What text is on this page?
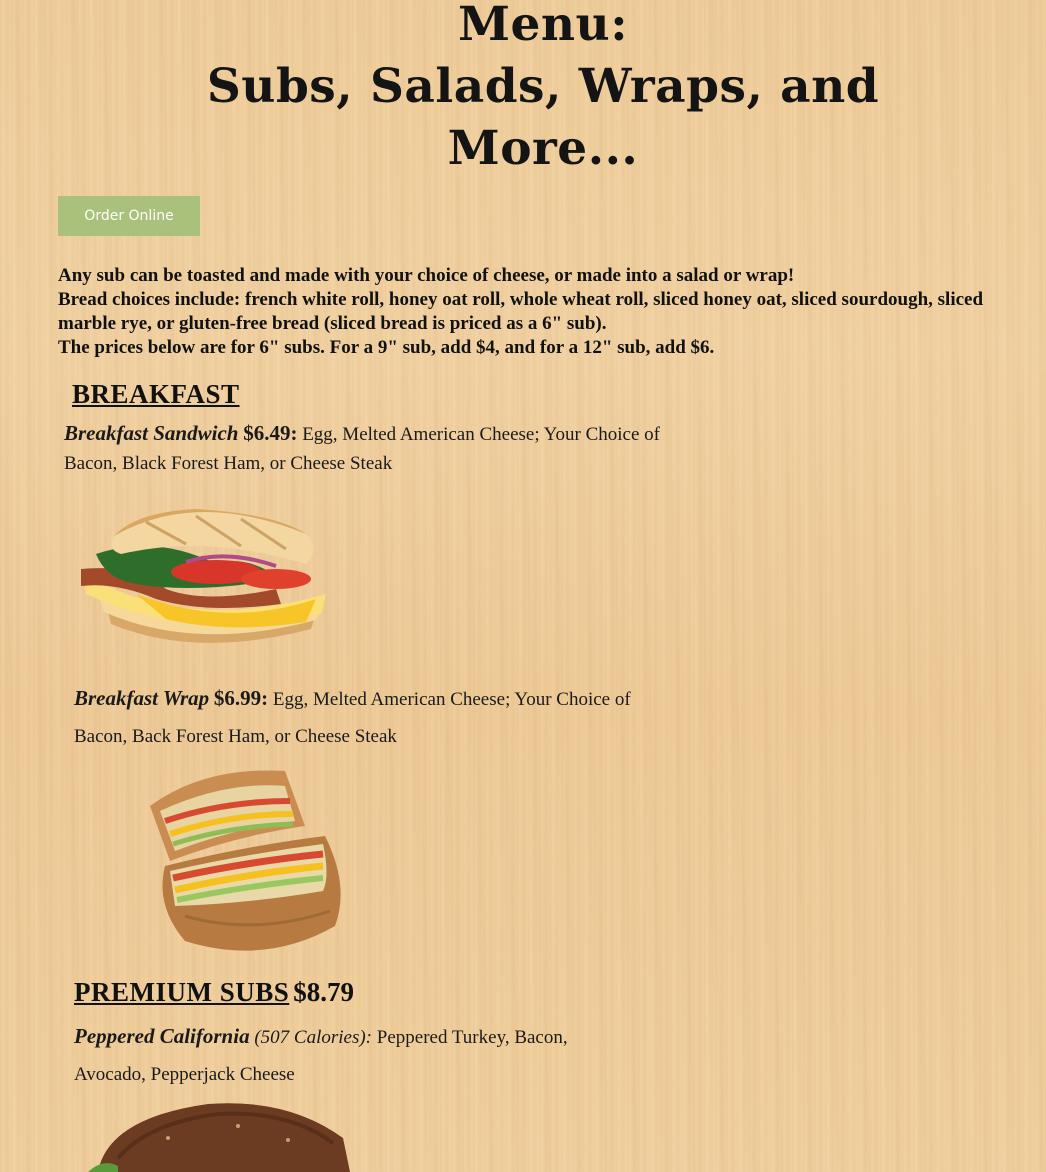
Menu:
Subs, Salads, Wraps, and
More...
Order Online

Any sub can be toasted and made with your choice of cheese, or made into a salad or wrap!

Bread choices include: french white roll, honey oat roll, whole wheat roll, sliced honey oat, sliced sourdough, sliced marble rye, or gluten-free bread (sliced bread is priced as a 6" sub).

The prices below are for 6" subs. For a 9" sub, add $4, and for a 12" sub, add $6.

BREAKFAST
Breakfast Sandwich $6.49: Egg, Melted American Cheese; Your Choice of
Bacon, Black Forest Ham, or Cheese Steak
Breakfast Wrap $6.99: Egg, Melted American Cheese; Your Choice of
Bacon, Back Forest Ham, or Cheese Steak
PREMIUM SUBS $8.79
Peppered California (507 Calories): Peppered Turkey, Bacon,
Avocado, Pepperjack Cheese
